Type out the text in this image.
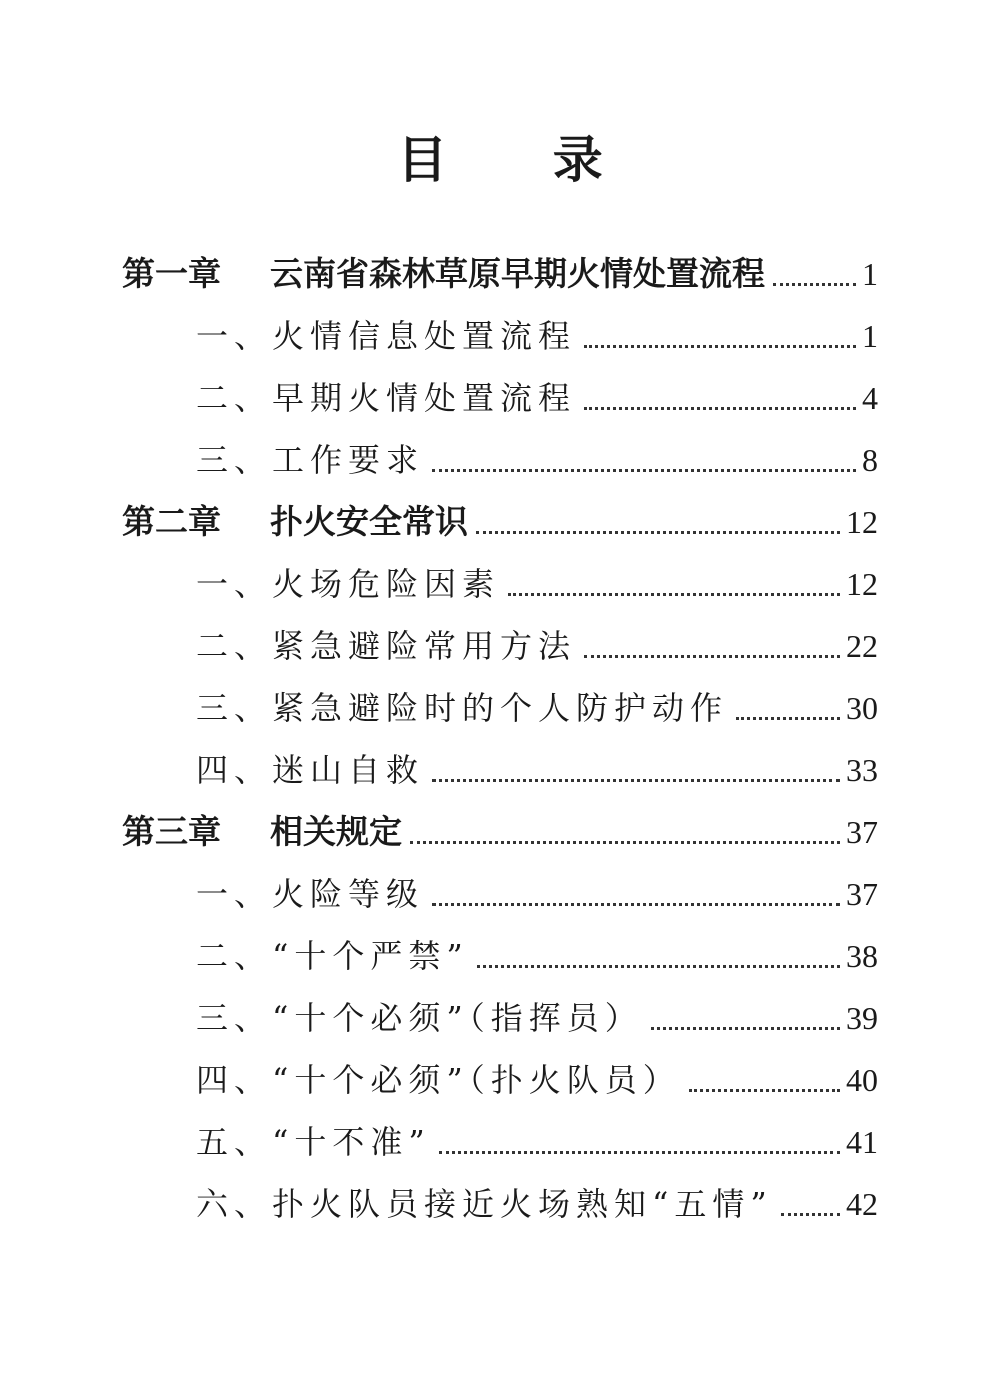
目 录
第一章	云南省森林草原早期火情处置流程	1
一、 火情信息处置流程	1
二、 早期火情处置流程	4
三、 工作要求	8
第二章	扑火安全常识	12
一、 火场危险因素	12
二、 紧急避险常用方法	22
三、 紧急避险时的个人防护动作	30
四、 迷山自救	33
第三章	相关规定	37
一、 火险等级	37
二、 “十个严禁”	38
三、 “十个必须”（指挥员）	39
四、 “十个必须”（扑火队员）	40
五、 “十不准”	41
六、 扑火队员接近火场熟知“五情” 42
